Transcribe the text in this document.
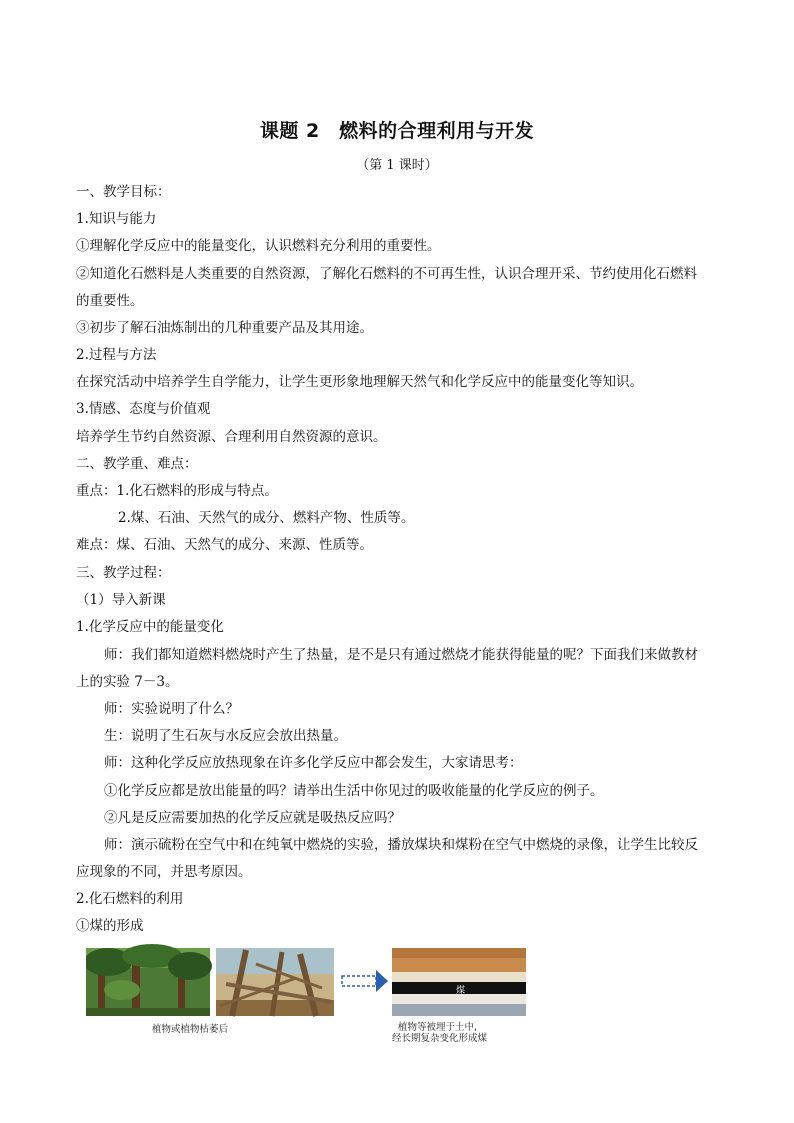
课题 2　燃料的合理利用与开发
（第 1 课时）
一、教学目标：
1.知识与能力
①理解化学反应中的能量变化，认识燃料充分利用的重要性。
②知道化石燃料是人类重要的自然资源，了解化石燃料的不可再生性，认识合理开采、节约使用化石燃料
的重要性。
③初步了解石油炼制出的几种重要产品及其用途。
2.过程与方法
在探究活动中培养学生自学能力，让学生更形象地理解天然气和化学反应中的能量变化等知识。
3.情感、态度与价值观
培养学生节约自然资源、合理利用自然资源的意识。
二、教学重、难点：
重点：1.化石燃料的形成与特点。
2.煤、石油、天然气的成分、燃料产物、性质等。
难点：煤、石油、天然气的成分、来源、性质等。
三、教学过程：
（1）导入新课
1.化学反应中的能量变化
师：我们都知道燃料燃烧时产生了热量，是不是只有通过燃烧才能获得能量的呢？下面我们来做教材
上的实验 7－3。
师：实验说明了什么？
生：说明了生石灰与水反应会放出热量。
师：这种化学反应放热现象在许多化学反应中都会发生，大家请思考：
①化学反应都是放出能量的吗？请举出生活中你见过的吸收能量的化学反应的例子。
②凡是反应需要加热的化学反应就是吸热反应吗？
师：演示硫粉在空气中和在纯氧中燃烧的实验，播放煤块和煤粉在空气中燃烧的录像，让学生比较反
应现象的不同，并思考原因。
2.化石燃料的利用
①煤的形成
煤
植物或植物枯萎后	植物等被埋于土中,
经长期复杂变化形成煤
